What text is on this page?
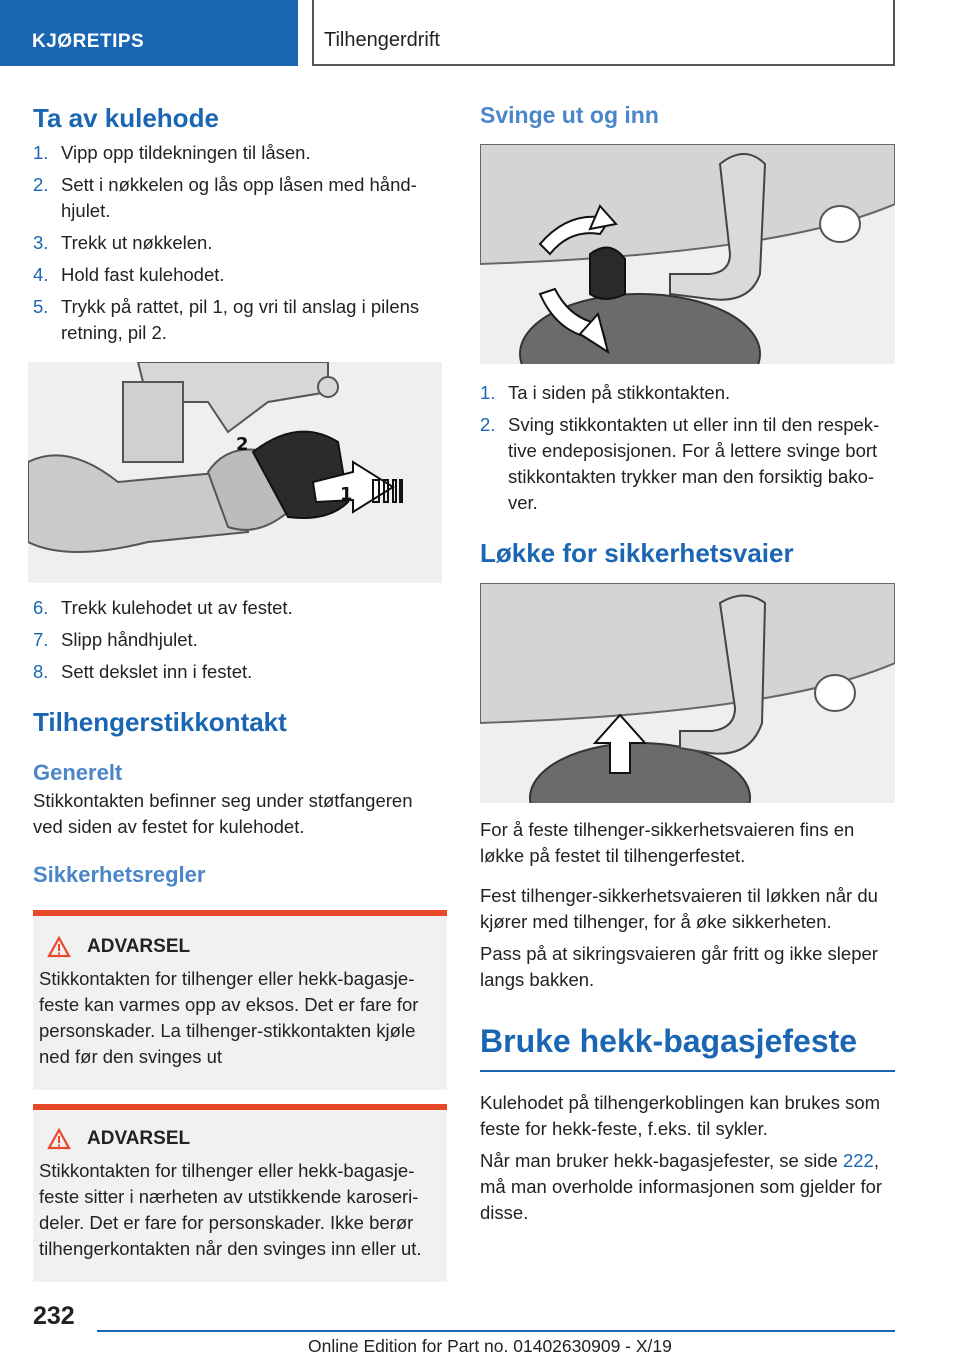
KJØRETIPS	Tilhengerdrift
Ta av kulehode
1. Vipp opp tildekningen til låsen.
2. Sett i nøkkelen og lås opp låsen med håndhjulet.
3. Trekk ut nøkkelen.
4. Hold fast kulehodet.
5. Trykk på rattet, pil 1, og vri til anslag i pilens retning, pil 2.
1
2
6. Trekk kulehodet ut av festet.
7. Slipp håndhjulet.
8. Sett dekslet inn i festet.
Tilhengerstikkontakt
Generelt

Stikkontakten befinner seg under støtfangeren ved siden av festet for kulehodet.

Sikkerhetsregler
ADVARSEL
Stikkontakten for tilhenger eller hekk-bagasjefeste kan varmes opp av eksos. Det er fare for personskader. La tilhenger-stikkontakten kjøle ned før den svinges ut
ADVARSEL
Stikkontakten for tilhenger eller hekk-bagasjefeste sitter i nærheten av utstikkende karoserideler. Det er fare for personskader. Ikke berør tilhengerkontakten når den svinges inn eller ut.
Svinge ut og inn
1. Ta i siden på stikkontakten.
2. Sving stikkontakten ut eller inn til den respektive endeposisjonen. For å lettere svinge bort stikkontakten trykker man den forsiktig bakover.
Løkke for sikkerhetsvaier

For å feste tilhenger-sikkerhetsvaieren fins en løkke på festet til tilhengerfestet.

Fest tilhenger-sikkerhetsvaieren til løkken når du kjører med tilhenger, for å øke sikkerheten.

Pass på at sikringsvaieren går fritt og ikke sleper langs bakken.

Bruke hekk-bagasjefeste

Kulehodet på tilhengerkoblingen kan brukes som feste for hekk-feste, f.eks. til sykler.

Når man bruker hekk-bagasjefester, se side 222, må man overholde informasjonen som gjelder for disse.

232
Online Edition for Part no. 01402630909 - X/19
